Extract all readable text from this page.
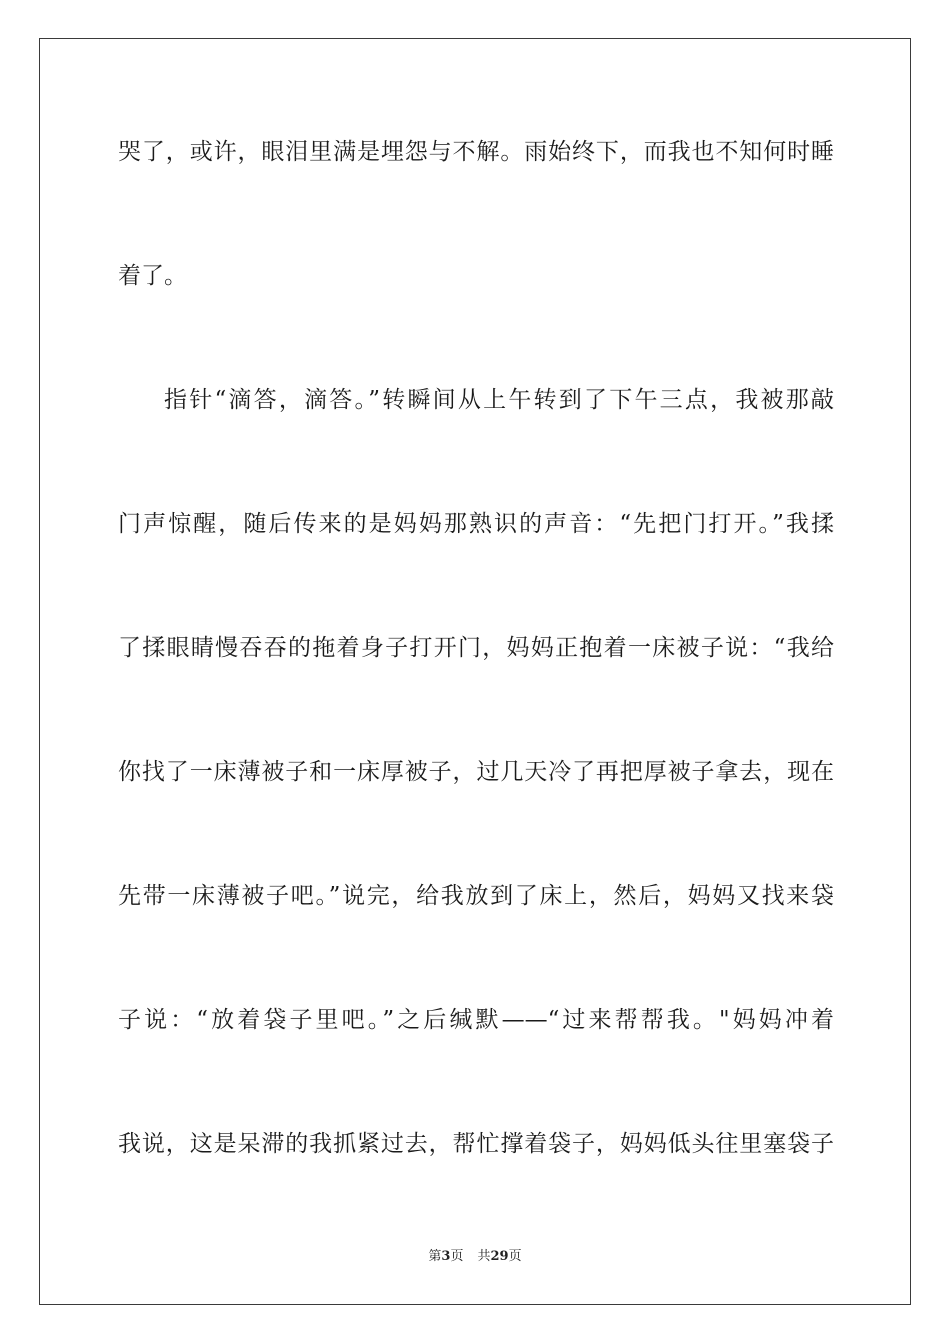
哭了，或许，眼泪里满是埋怨与不解。雨始终下，而我也不知何时睡
着了。
指针“滴答，滴答。”转瞬间从上午转到了下午三点，我被那敲
门声惊醒，随后传来的是妈妈那熟识的声音：“先把门打开。”我揉
了揉眼睛慢吞吞的拖着身子打开门，妈妈正抱着一床被子说：“我给
你找了一床薄被子和一床厚被子，过几天冷了再把厚被子拿去，现在
先带一床薄被子吧。”说完，给我放到了床上，然后，妈妈又找来袋
子说：“放着袋子里吧。”之后缄默——“过来帮帮我。"妈妈冲着
我说，这是呆滞的我抓紧过去，帮忙撑着袋子，妈妈低头往里塞袋子
第3页 共29页
